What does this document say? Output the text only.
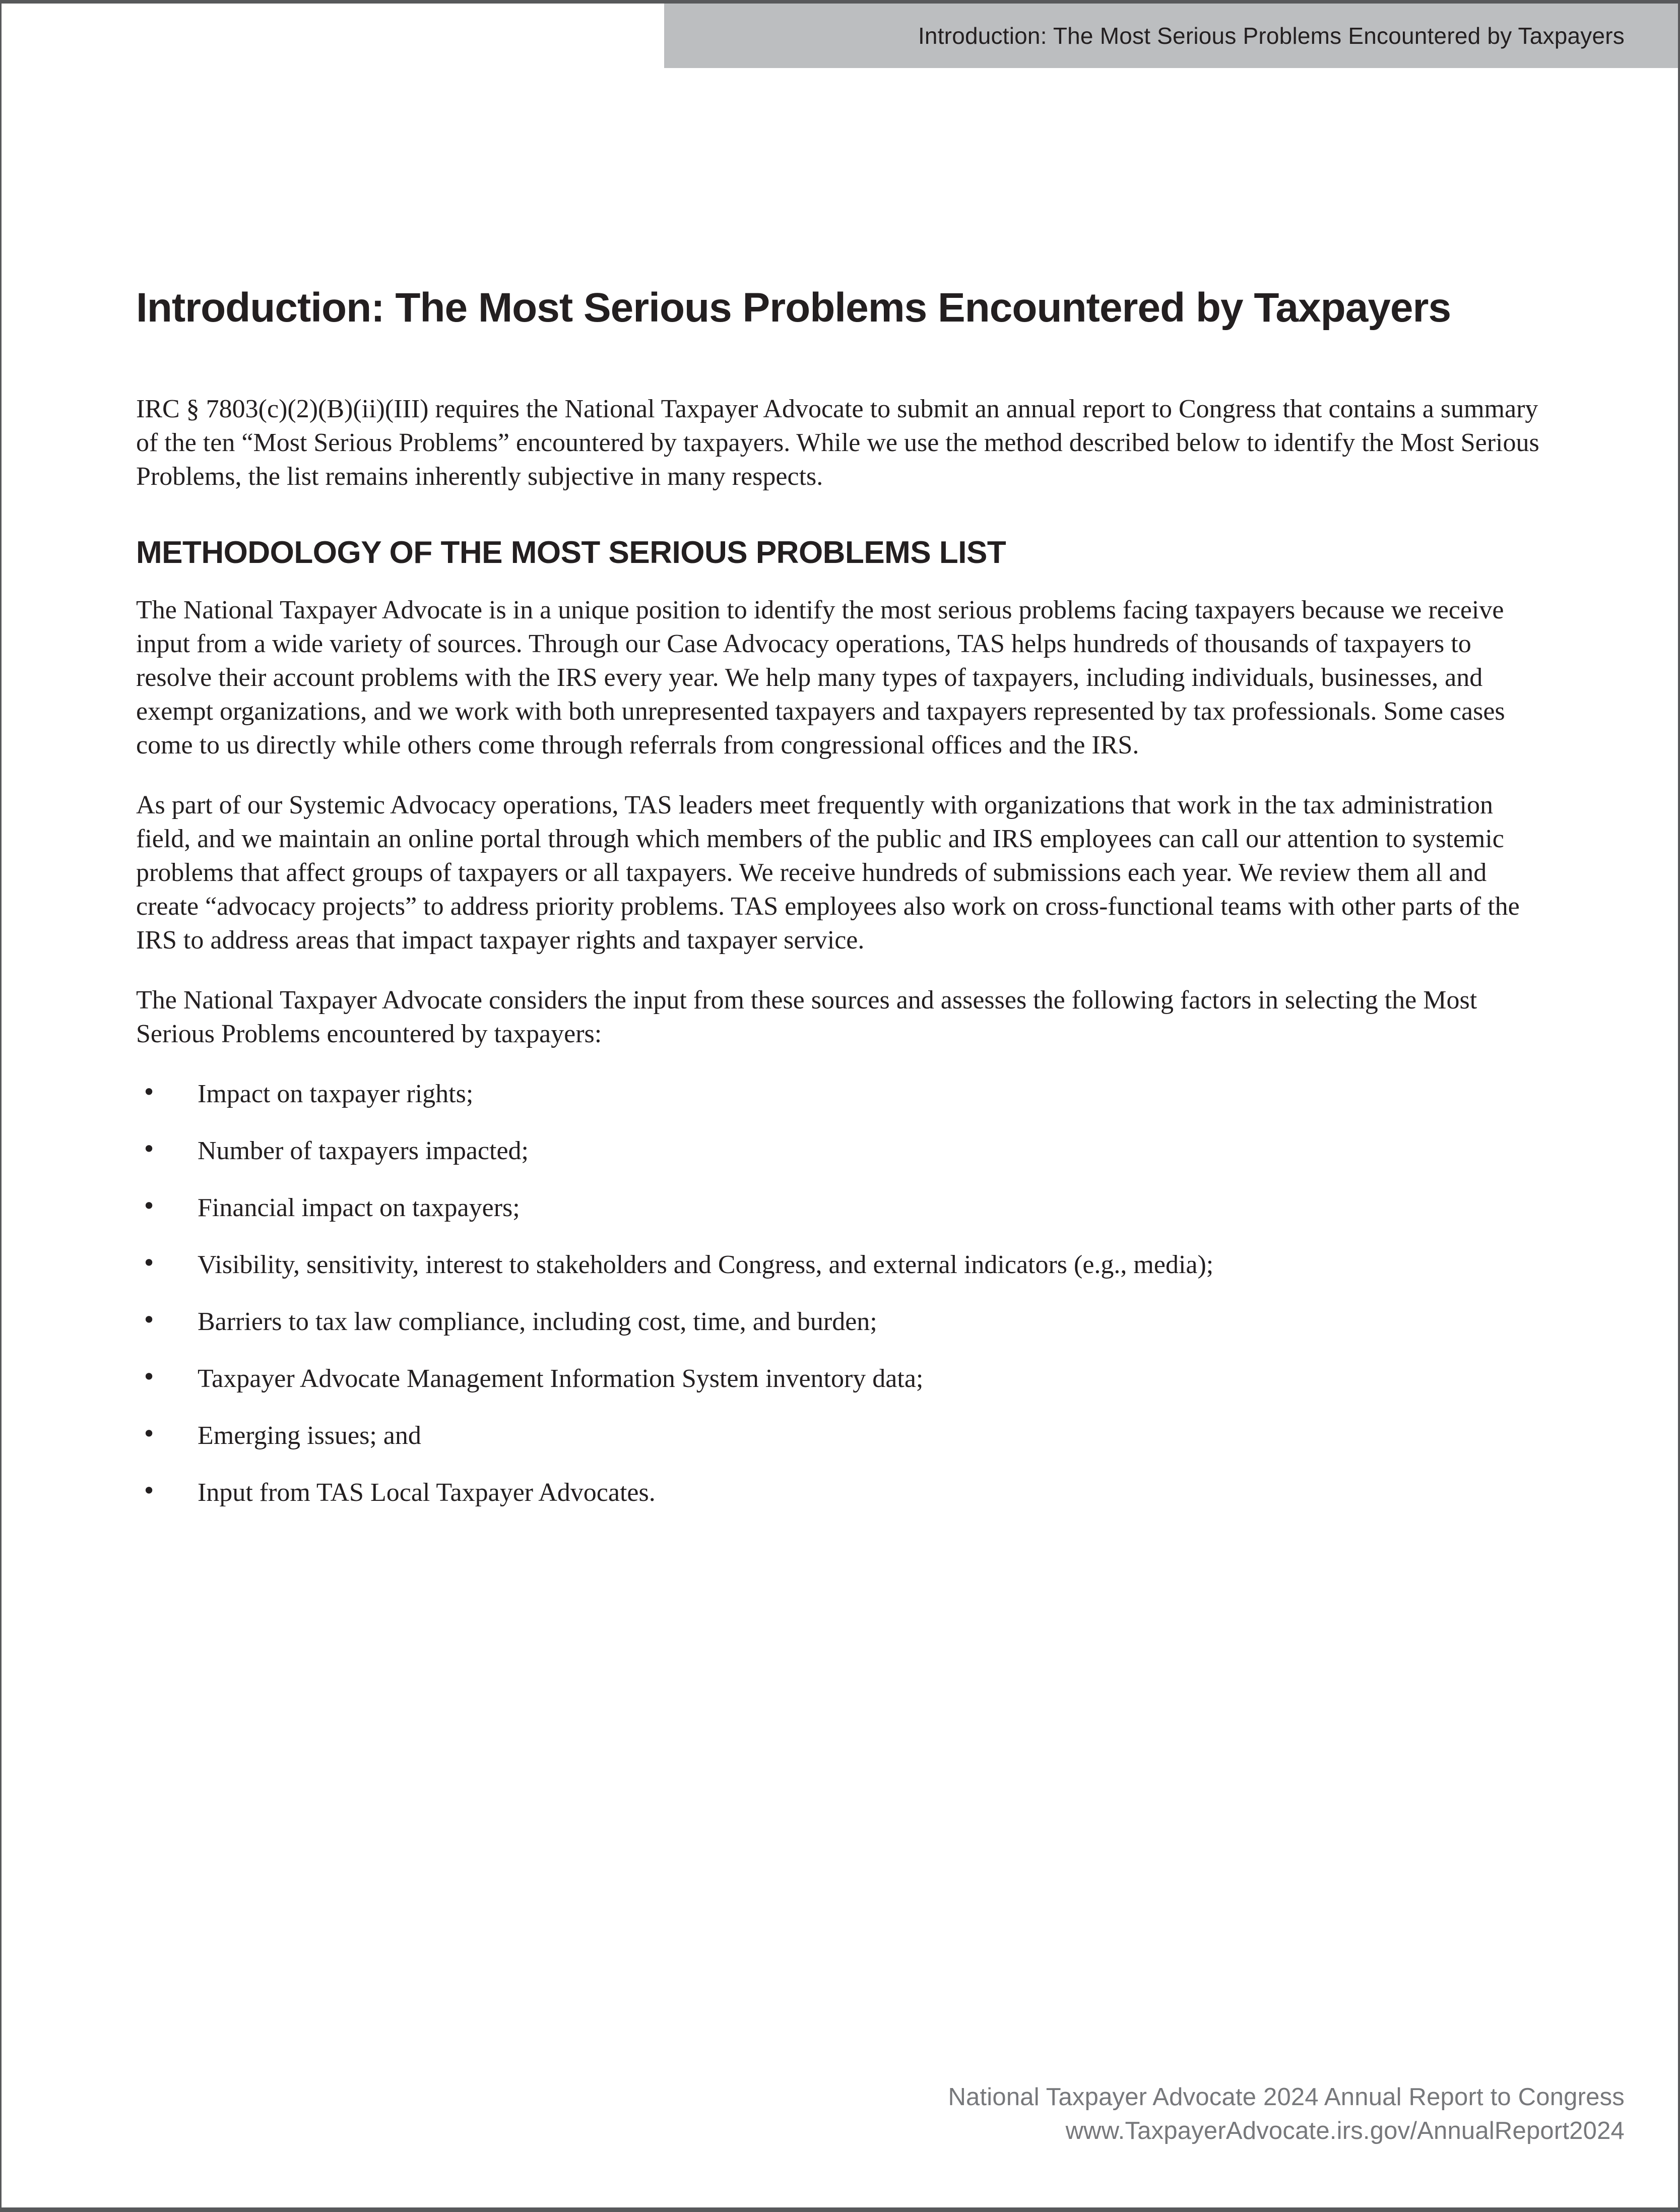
Introduction: The Most Serious Problems Encountered by Taxpayers
Introduction: The Most Serious Problems Encountered by Taxpayers

IRC § 7803(c)(2)(B)(ii)(III) requires the National Taxpayer Advocate to submit an annual report to Congress that contains a summary of the ten “Most Serious Problems” encountered by taxpayers. While we use the method described below to identify the Most Serious Problems, the list remains inherently subjective in many respects.

METHODOLOGY OF THE MOST SERIOUS PROBLEMS LIST

The National Taxpayer Advocate is in a unique position to identify the most serious problems facing taxpayers because we receive input from a wide variety of sources. Through our Case Advocacy operations, TAS helps hundreds of thousands of taxpayers to resolve their account problems with the IRS every year. We help many types of taxpayers, including individuals, businesses, and exempt organizations, and we work with both unrepresented taxpayers and taxpayers represented by tax professionals. Some cases come to us directly while others come through referrals from congressional offices and the IRS.

As part of our Systemic Advocacy operations, TAS leaders meet frequently with organizations that work in the tax administration field, and we maintain an online portal through which members of the public and IRS employees can call our attention to systemic problems that affect groups of taxpayers or all taxpayers. We receive hundreds of submissions each year. We review them all and create “advocacy projects” to address priority problems. TAS employees also work on cross-functional teams with other parts of the IRS to address areas that impact taxpayer rights and taxpayer service.

The National Taxpayer Advocate considers the input from these sources and assesses the following factors in selecting the Most Serious Problems encountered by taxpayers:

• Impact on taxpayer rights;
• Number of taxpayers impacted;
• Financial impact on taxpayers;
• Visibility, sensitivity, interest to stakeholders and Congress, and external indicators (e.g., media);
• Barriers to tax law compliance, including cost, time, and burden;
• Taxpayer Advocate Management Information System inventory data;
• Emerging issues; and
• Input from TAS Local Taxpayer Advocates.
National Taxpayer Advocate 2024 Annual Report to Congress
www.TaxpayerAdvocate.irs.gov/AnnualReport2024
